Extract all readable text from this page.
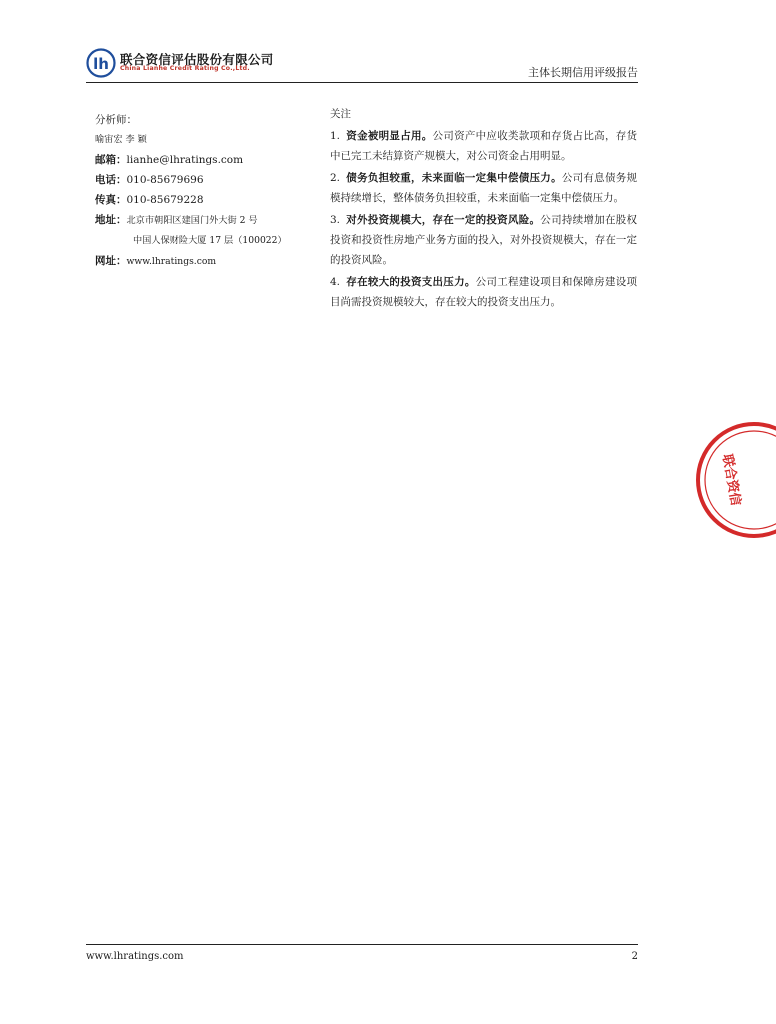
lh 联合资信评估股份有限公司
China Lianhe Credit Rating Co.,Ltd.	主体长期信用评级报告
分析师：
喻宙宏 李 颖
邮箱：lianhe@lhratings.com
电话：010-85679696
传真：010-85679228
地址：北京市朝阳区建国门外大街 2 号
中国人保财险大厦 17 层（100022）
网址：www.lhratings.com
关注
1. 资金被明显占用。公司资产中应收类款项和存货占比高，存货中已完工未结算资产规模大，对公司资金占用明显。
2. 债务负担较重，未来面临一定集中偿债压力。公司有息债务规模持续增长，整体债务负担较重，未来面临一定集中偿债压力。
3. 对外投资规模大，存在一定的投资风险。公司持续增加在股权投资和投资性房地产业务方面的投入，对外投资规模大，存在一定的投资风险。
4. 存在较大的投资支出压力。公司工程建设项目和保障房建设项目尚需投资规模较大，存在较大的投资支出压力。
联合资信
www.lhratings.com	2
